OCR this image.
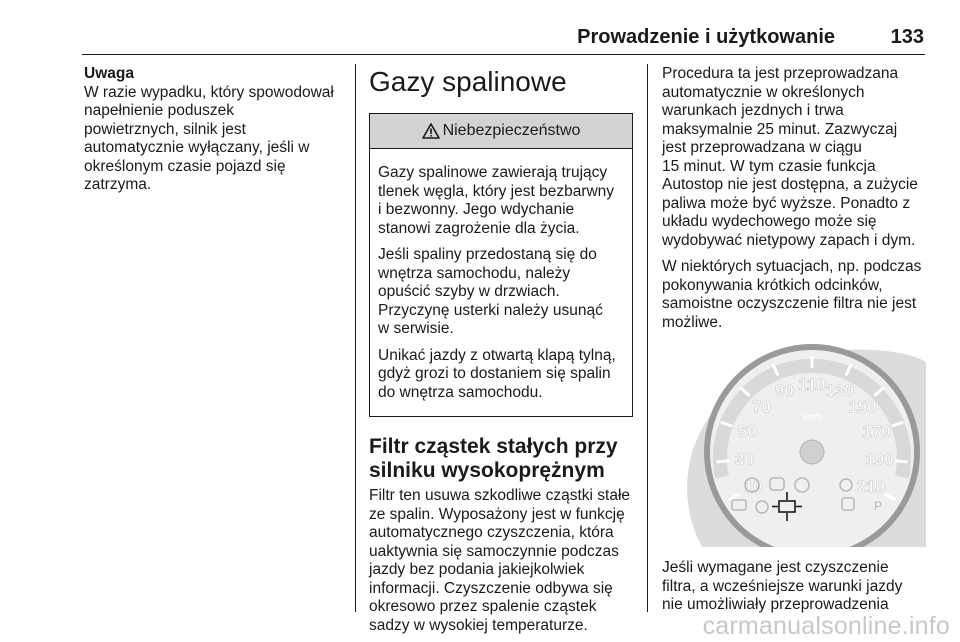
Prowadzenie i użytkowanie	133
Uwaga
W razie wypadku, który spowodował
napełnienie poduszek
powietrznych, silnik jest
automatycznie wyłączany, jeśli w
określonym czasie pojazd się
zatrzyma.
Gazy spalinowe
Niebezpieczeństwo

Gazy spalinowe zawierają trujący
tlenek węgla, który jest bezbarwny
i bezwonny. Jego wdychanie
stanowi zagrożenie dla życia.

Jeśli spaliny przedostaną się do
wnętrza samochodu, należy
opuścić szyby w drzwiach.
Przyczynę usterki należy usunąć
w serwisie.

Unikać jazdy z otwartą klapą tylną,
gdyż grozi to dostaniem się spalin
do wnętrza samochodu.

Filtr cząstek stałych przy
silniku wysokoprężnym
Filtr ten usuwa szkodliwe cząstki stałe
ze spalin. Wyposażony jest w funkcję
automatycznego czyszczenia, która
uaktywnia się samoczynnie podczas
jazdy bez podania jakiejkolwiek
informacji. Czyszczenie odbywa się
okresowo przez spalenie cząstek
sadzy w wysokiej temperaturze.

Procedura ta jest przeprowadzana
automatycznie w określonych
warunkach jezdnych i trwa
maksymalnie 25 minut. Zazwyczaj
jest przeprowadzana w ciągu
15 minut. W tym czasie funkcja
Autostop nie jest dostępna, a zużycie
paliwa może być wyższe. Ponadto z
układu wydechowego może się
wydobywać nietypowy zapach i dym.

W niektórych sytuacjach, np. podczas
pokonywania krótkich odcinków,
samoistne oczyszczenie filtra nie jest
możliwe.

10
30
50
70
90 110 130
150
170
190
210
km/h
P
Jeśli wymagane jest czyszczenie
filtra, a wcześniejsze warunki jazdy
nie umożliwiały przeprowadzenia
carmanualsonline.info
